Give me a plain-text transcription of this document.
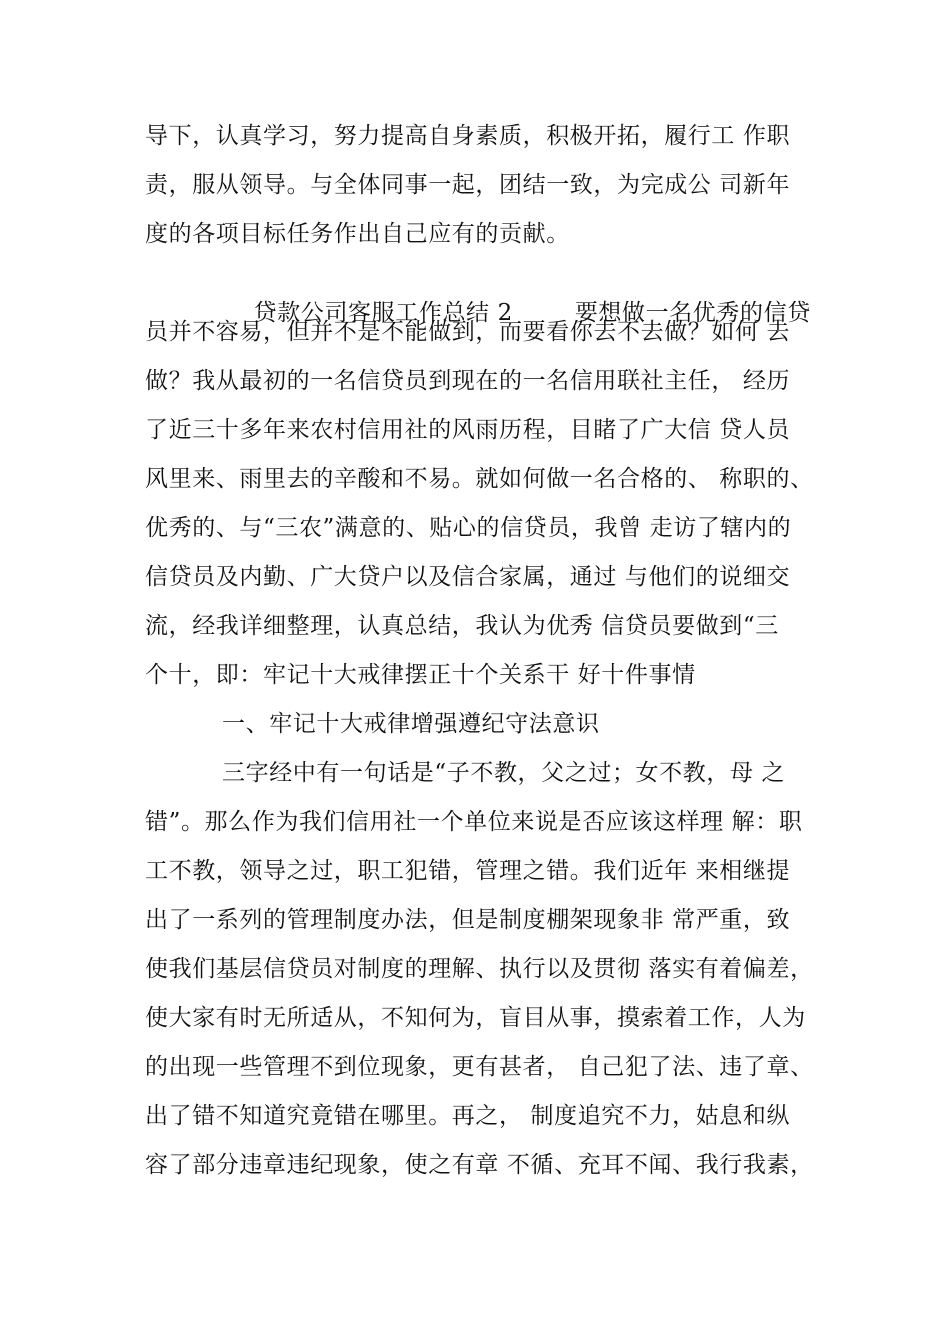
导下，认真学习，努力提高自身素质，积极开拓，履行工 作职
责，服从领导。与全体同事一起，团结一致，为完成公 司新年
度的各项目标任务作出自己应有的贡献。

贷款公司客服工作总结 2	要想做一名优秀的信贷

员并不容易，但并不是不能做到，而要看你去不去做？如何 去
做？我从最初的一名信贷员到现在的一名信用联社主任， 经历
了近三十多年来农村信用社的风雨历程，目睹了广大信 贷人员
风里来、雨里去的辛酸和不易。就如何做一名合格的、 称职的、
优秀的、与“三农”满意的、贴心的信贷员，我曾 走访了辖内的
信贷员及内勤、广大贷户以及信合家属，通过 与他们的说细交
流，经我详细整理，认真总结，我认为优秀 信贷员要做到“三
个十，即：牢记十大戒律摆正十个关系干 好十件事情
一、牢记十大戒律增强遵纪守法意识
三字经中有一句话是“子不教，父之过；女不教，母 之
错”。那么作为我们信用社一个单位来说是否应该这样理 解：职
工不教，领导之过，职工犯错，管理之错。我们近年 来相继提
出了一系列的管理制度办法，但是制度棚架现象非 常严重，致
使我们基层信贷员对制度的理解、执行以及贯彻 落实有着偏差，
使大家有时无所适从，不知何为，盲目从事，摸索着工作，人为
的出现一些管理不到位现象，更有甚者， 自己犯了法、违了章、
出了错不知道究竟错在哪里。再之， 制度追究不力，姑息和纵
容了部分违章违纪现象，使之有章 不循、充耳不闻、我行我素，
